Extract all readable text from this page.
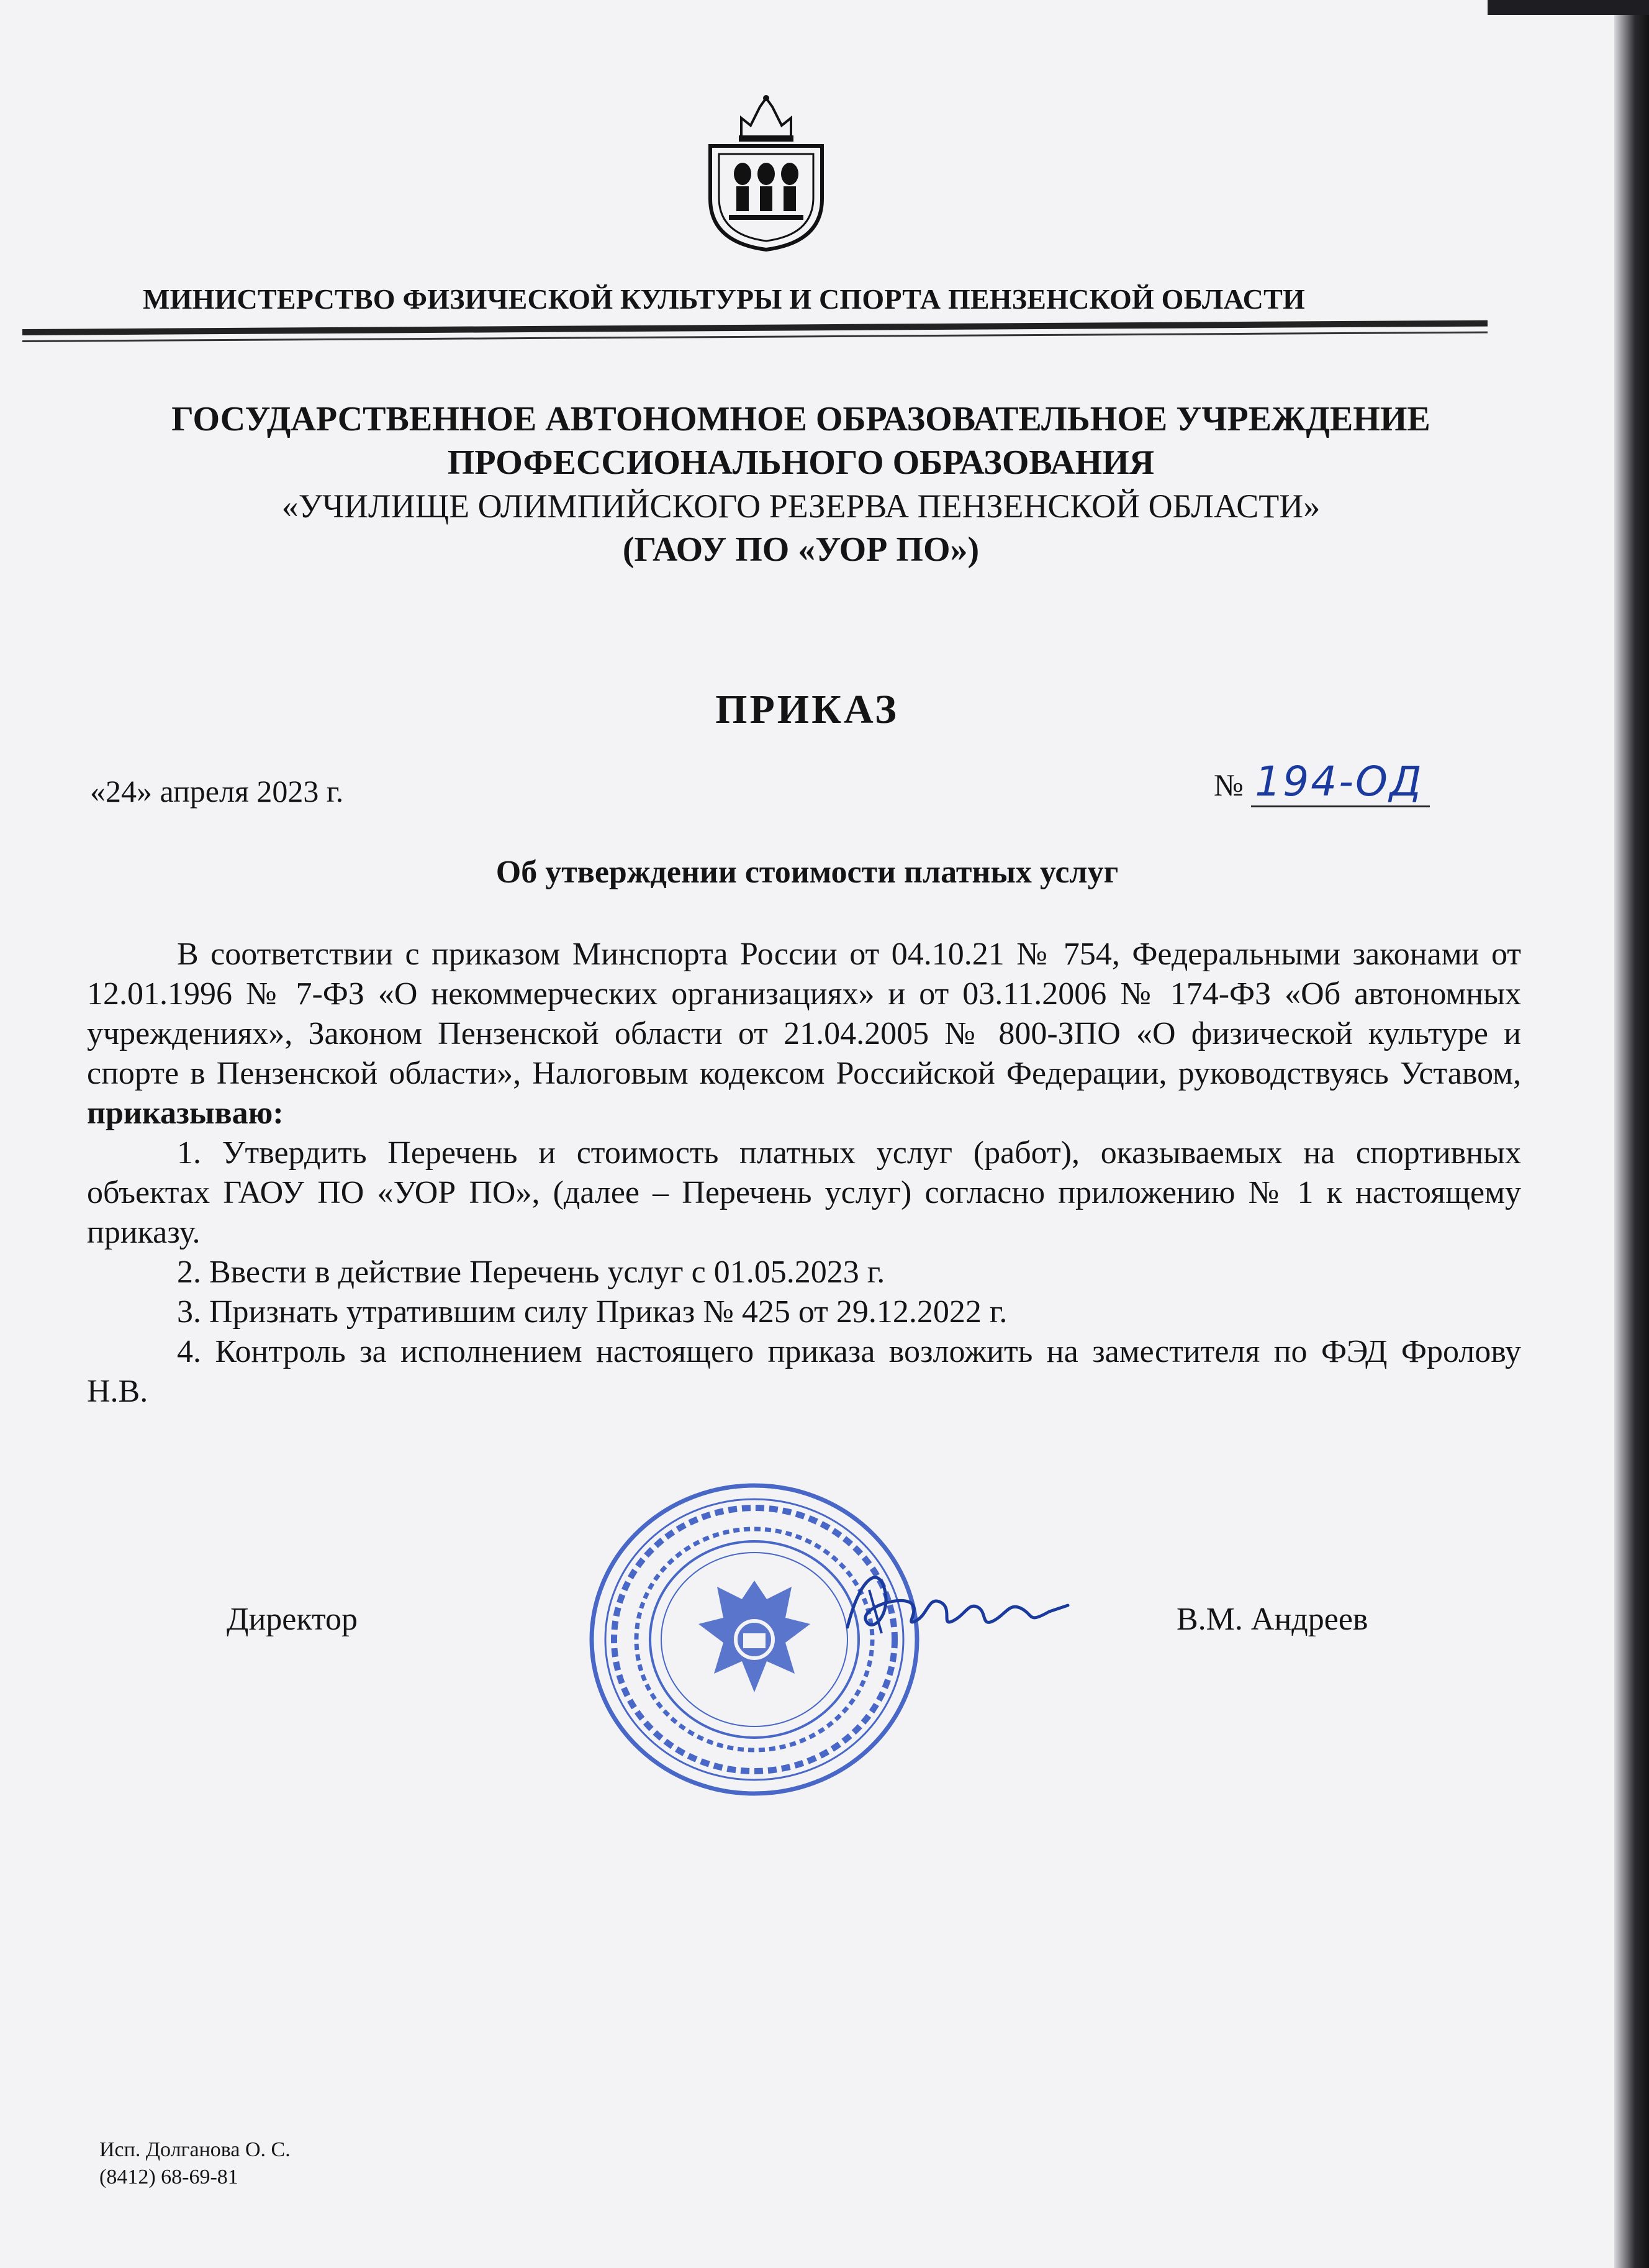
МИНИСТЕРСТВО ФИЗИЧЕСКОЙ КУЛЬТУРЫ И СПОРТА ПЕНЗЕНСКОЙ ОБЛАСТИ
ГОСУДАРСТВЕННОЕ АВТОНОМНОЕ ОБРАЗОВАТЕЛЬНОЕ УЧРЕЖДЕНИЕ
ПРОФЕССИОНАЛЬНОГО ОБРАЗОВАНИЯ
«УЧИЛИЩЕ ОЛИМПИЙСКОГО РЕЗЕРВА ПЕНЗЕНСКОЙ ОБЛАСТИ»
(ГАОУ ПО «УОР ПО»)
ПРИКАЗ
«24» апреля 2023 г.	№ 194-ОД
Об утверждении стоимости платных услуг

В соответствии с приказом Минспорта России от 04.10.21 № 754, Федеральными законами от 12.01.1996 № 7-ФЗ «О некоммерческих организациях» и от 03.11.2006 № 174-ФЗ «Об автономных учреждениях», Законом Пензенской области от 21.04.2005 № 800-ЗПО «О физической культуре и спорте в Пензенской области», Налоговым кодексом Российской Федерации, руководствуясь Уставом, приказываю:

1. Утвердить Перечень и стоимость платных услуг (работ), оказываемых на спортивных объектах ГАОУ ПО «УОР ПО», (далее – Перечень услуг) согласно приложению № 1 к настоящему приказу.

2. Ввести в действие Перечень услуг с 01.05.2023 г.

3. Признать утратившим силу Приказ № 425 от 29.12.2022 г.

4. Контроль за исполнением настоящего приказа возложить на заместителя по ФЭД Фролову Н.В.

Директор	В.М. Андреев
Исп. Долганова О. С.
(8412) 68-69-81
